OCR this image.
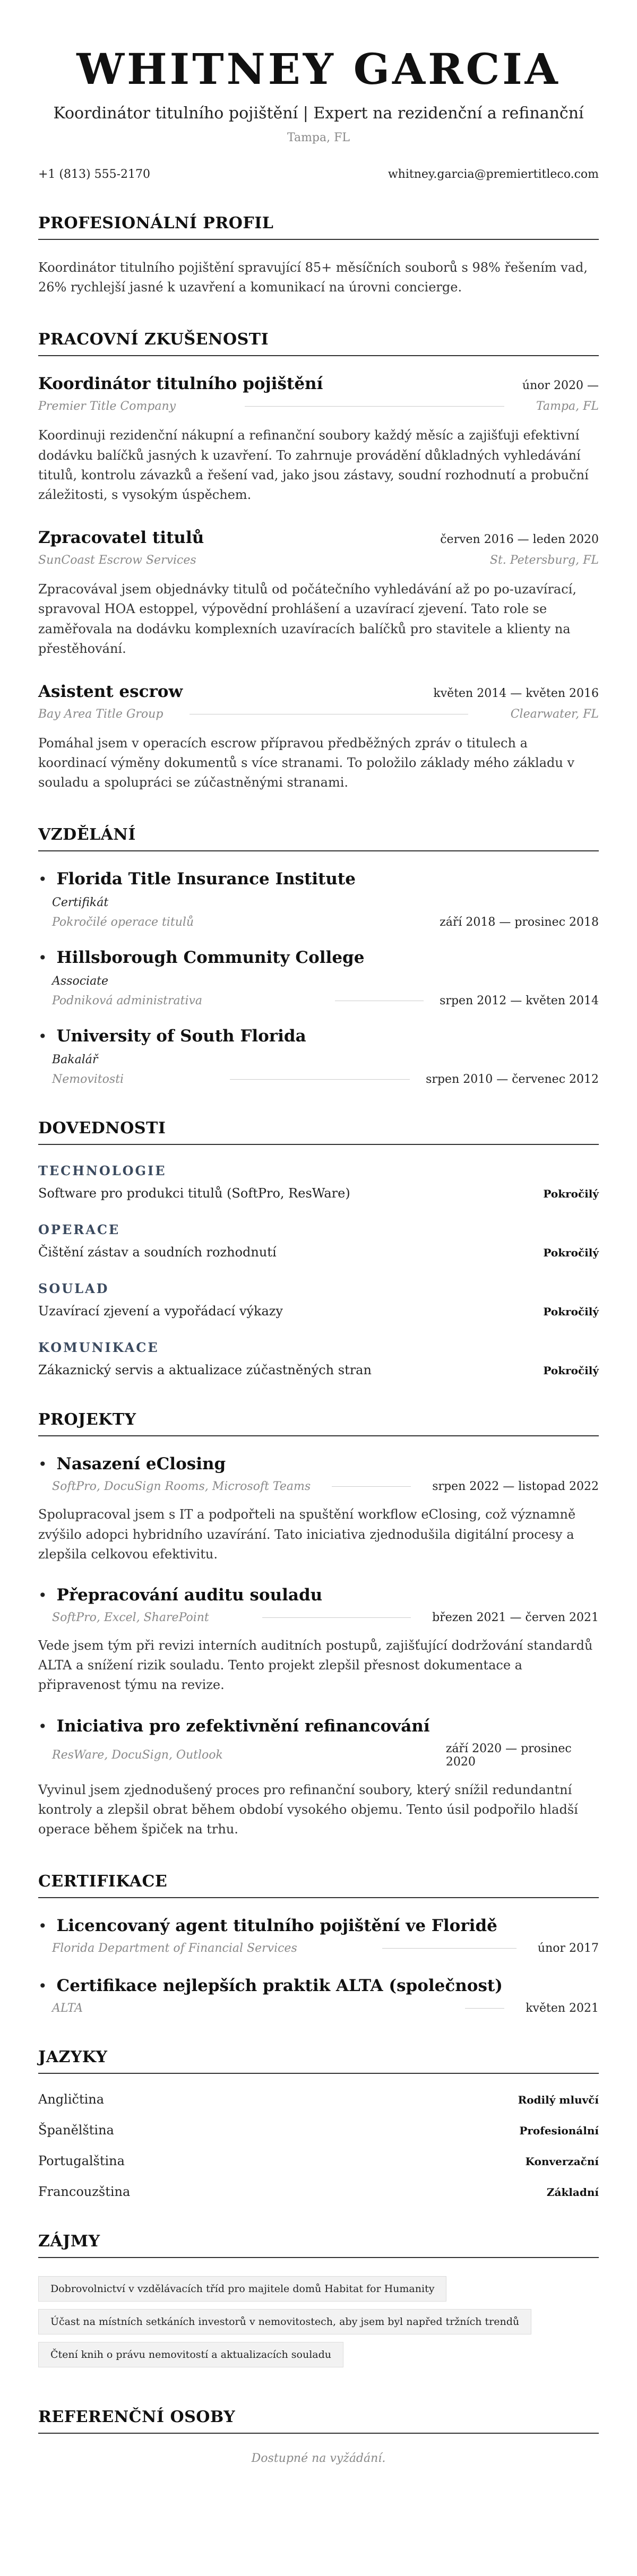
WHITNEY GARCIA
Koordinátor titulního pojištění | Expert na rezidenční a refinanční
Tampa, FL
+1 (813) 555-2170	whitney.garcia@premiertitleco.com
PROFESIONÁLNÍ PROFIL
Koordinátor titulního pojištění spravující 85+ měsíčních souborů s 98% řešením vad, 26% rychlejší jasné k uzavření a komunikací na úrovni concierge.
PRACOVNÍ ZKUŠENOSTI
Koordinátor titulního pojištění	únor 2020 —
Premier Title Company	Tampa, FL
Koordinuji rezidenční nákupní a refinanční soubory každý měsíc a zajišťuji efektivní dodávku balíčků jasných k uzavření. To zahrnuje provádění důkladných vyhledávání titulů, kontrolu závazků a řešení vad, jako jsou zástavy, soudní rozhodnutí a probuční záležitosti, s vysokým úspěchem.
Zpracovatel titulů	červen 2016 — leden 2020
SunCoast Escrow Services	St. Petersburg, FL
Zpracovával jsem objednávky titulů od počátečního vyhledávání až po po-uzavírací, spravoval HOA estoppel, výpovědní prohlášení a uzavírací zjevení. Tato role se zaměřovala na dodávku komplexních uzavíracích balíčků pro stavitele a klienty na přestěhování.
Asistent escrow	květen 2014 — květen 2016
Bay Area Title Group	Clearwater, FL
Pomáhal jsem v operacích escrow přípravou předběžných zpráv o titulech a koordinací výměny dokumentů s více stranami. To položilo základy mého základu v souladu a spolupráci se zúčastněnými stranami.
VZDĚLÁNÍ
• Florida Title Insurance Institute
Certifikát
Pokročilé operace titulů	září 2018 — prosinec 2018
• Hillsborough Community College
Associate
Podniková administrativa	srpen 2012 — květen 2014
• University of South Florida
Bakalář
Nemovitosti	srpen 2010 — červenec 2012
DOVEDNOSTI
TECHNOLOGIE
Software pro produkci titulů (SoftPro, ResWare)	Pokročilý
OPERACE
Čištění zástav a soudních rozhodnutí	Pokročilý
SOULAD
Uzavírací zjevení a vypořádací výkazy	Pokročilý
KOMUNIKACE
Zákaznický servis a aktualizace zúčastněných stran	Pokročilý
PROJEKTY
• Nasazení eClosing
SoftPro, DocuSign Rooms, Microsoft Teams	srpen 2022 — listopad 2022
Spolupracoval jsem s IT a podpořteli na spuštění workflow eClosing, což významně zvýšilo adopci hybridního uzavírání. Tato iniciativa zjednodušila digitální procesy a zlepšila celkovou efektivitu.
• Přepracování auditu souladu
SoftPro, Excel, SharePoint	březen 2021 — červen 2021
Vede jsem tým při revizi interních auditních postupů, zajišťující dodržování standardů ALTA a snížení rizik souladu. Tento projekt zlepšil přesnost dokumentace a připravenost týmu na revize.
• Iniciativa pro zefektivnění refinancování
ResWare, DocuSign, Outlook	září 2020 — prosinec 2020
Vyvinul jsem zjednodušený proces pro refinanční soubory, který snížil redundantní kontroly a zlepšil obrat během období vysokého objemu. Tento úsil podpořilo hladší operace během špiček na trhu.
CERTIFIKACE
• Licencovaný agent titulního pojištění ve Floridě
Florida Department of Financial Services	únor 2017
• Certifikace nejlepších praktik ALTA (společnost)
ALTA	květen 2021
JAZYKY
Angličtina	Rodilý mluvčí
Španělština	Profesionální
Portugalština	Konverzační
Francouzština	Základní
ZÁJMY
Dobrovolnictví v vzdělávacích tříd pro majitele domů Habitat for Humanity
Účast na místních setkáních investorů v nemovitostech, aby jsem byl napřed tržních trendů
Čtení knih o právu nemovitostí a aktualizacích souladu
REFERENČNÍ OSOBY
Dostupné na vyžádání.
